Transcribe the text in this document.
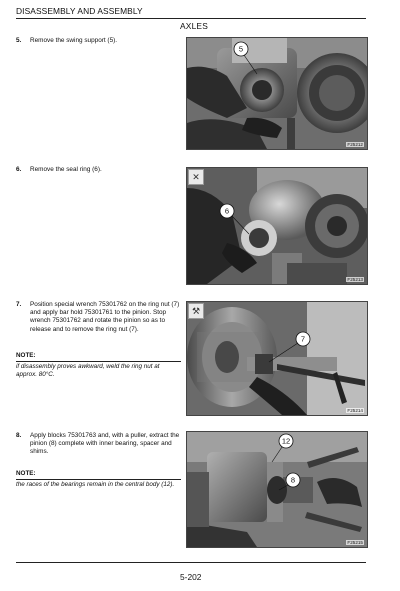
DISASSEMBLY AND ASSEMBLY
AXLES
5. Remove the swing support (5).
5
F25212
6. Remove the seal ring (6).
6
✕
F25213
7.	Position special wrench 75301762 on the ring nut (7) and apply bar hold 75301761 to the pinion. Stop wrench 75301762 and rotate the pinion so as to release and to remove the ring nut (7).
NOTE:
if disassembly proves awkward, weld the ring nut at approx. 80°C.
7
⚒
F25214
8.	Apply blocks 75301763 and, with a puller, extract the pinion (8) complete with inner bearing, spacer and shims.
NOTE:
the races of the bearings remain in the central body (12).
12
8
F25215
5-202
